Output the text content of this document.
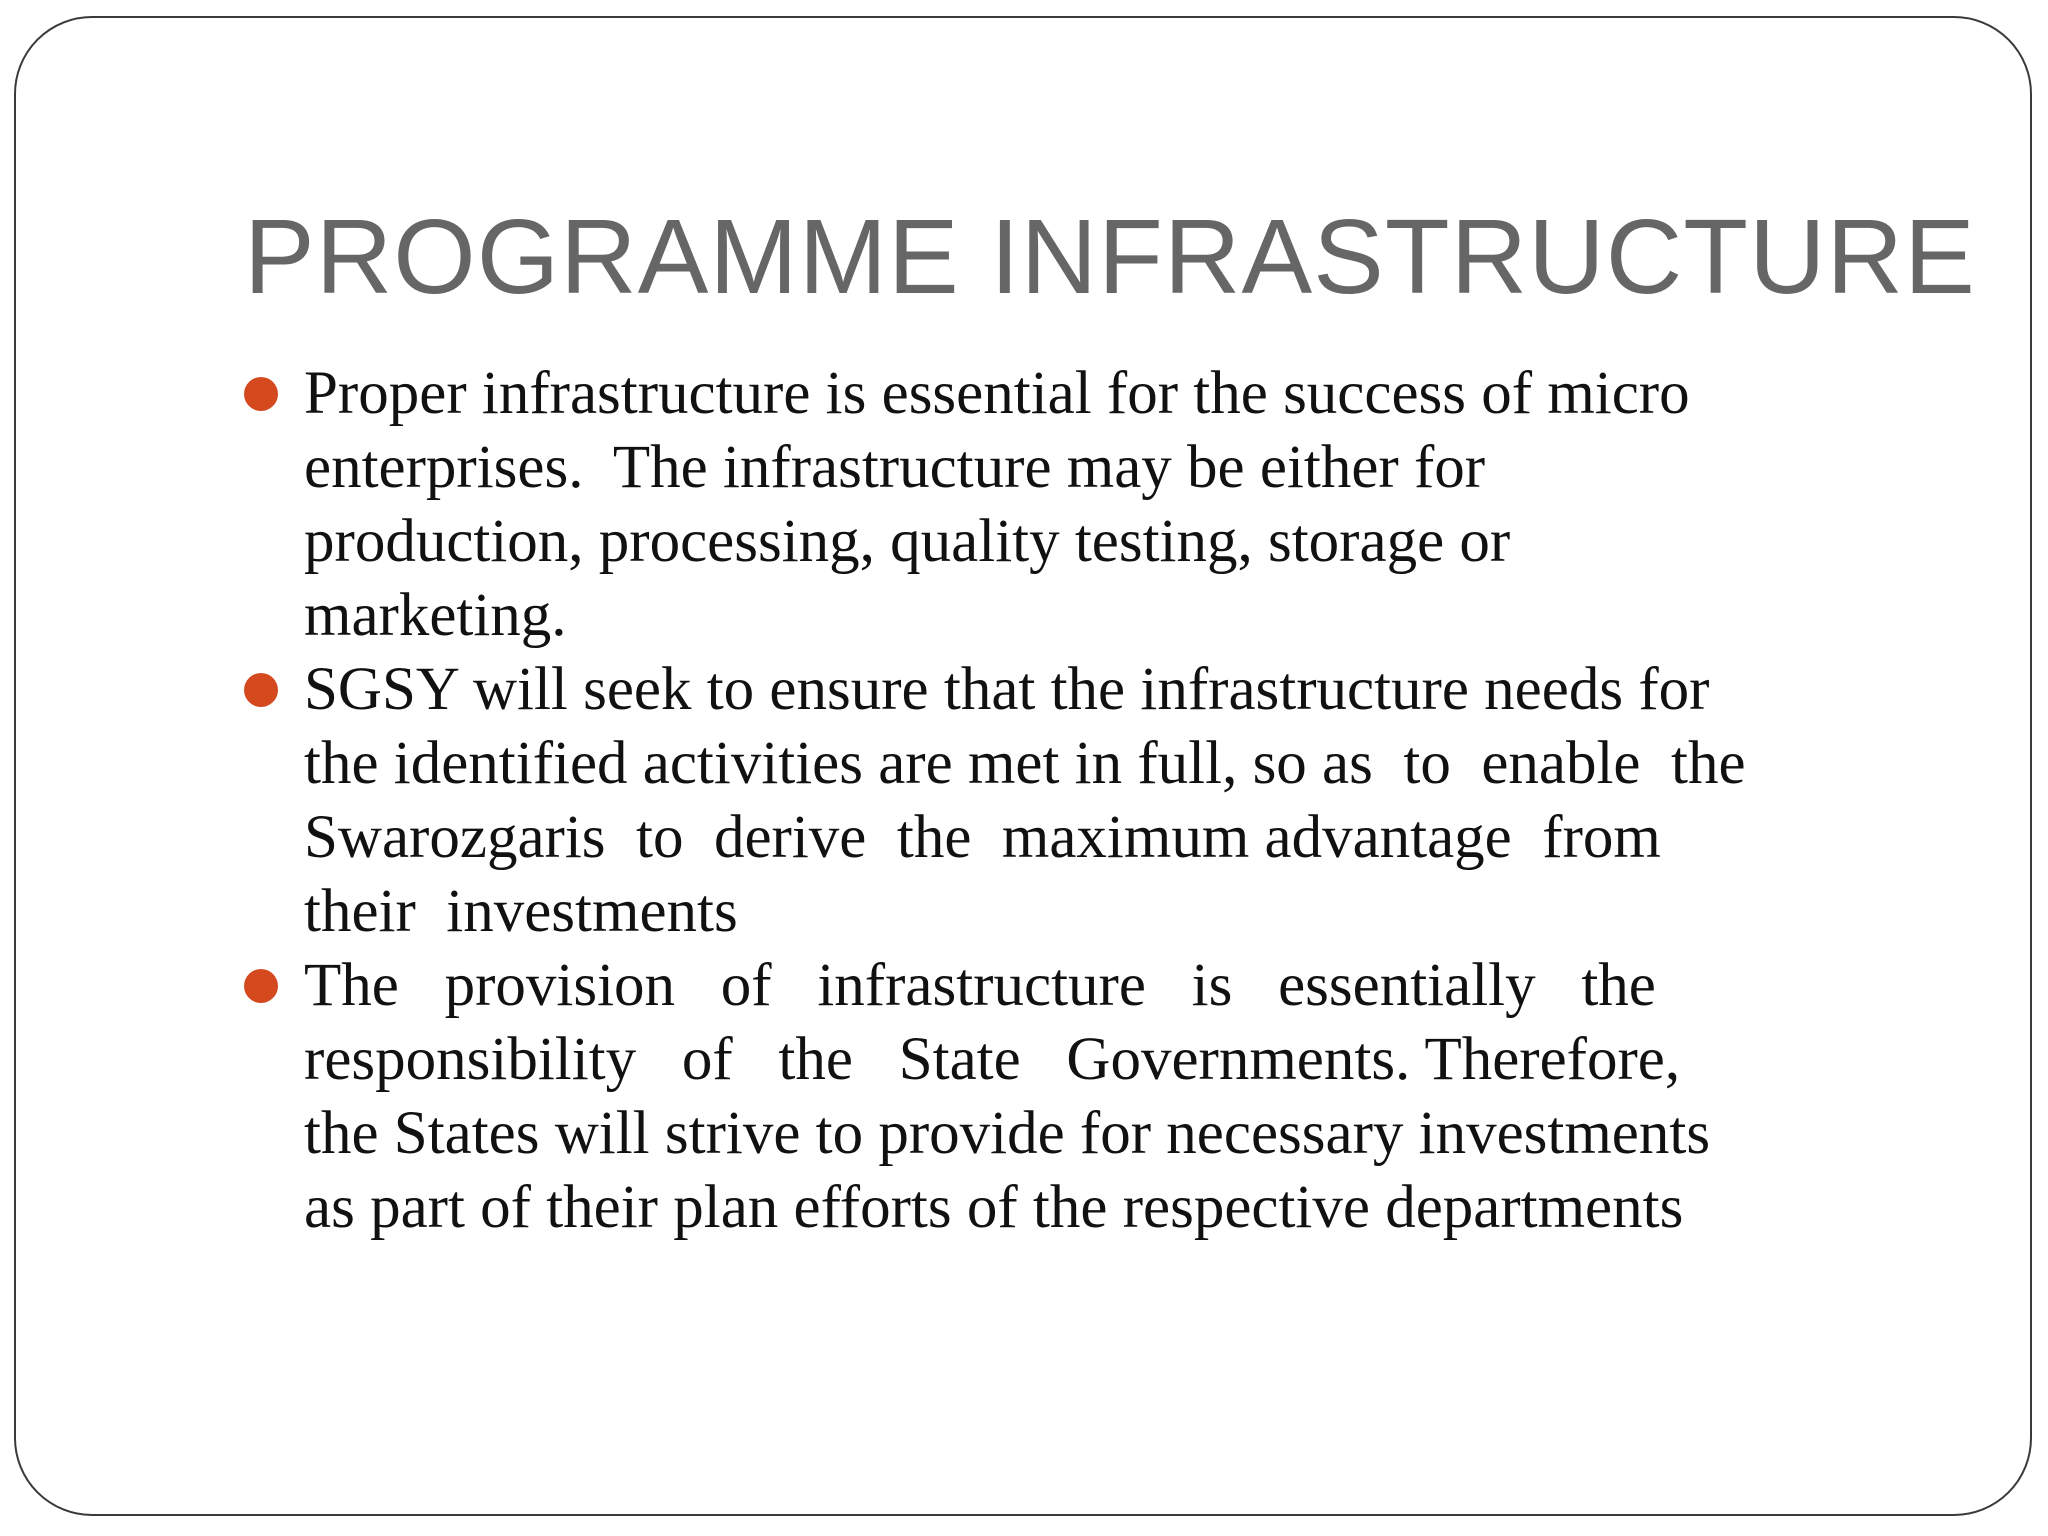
PROGRAMME INFRASTRUCTURE
Proper infrastructure is essential for the success of micro
enterprises.  The infrastructure may be either for
production, processing, quality testing, storage or
marketing.
SGSY will seek to ensure that the infrastructure needs for
the identified activities are met in full, so as  to  enable  the
Swarozgaris  to  derive  the  maximum advantage  from
their  investments
The   provision   of   infrastructure   is   essentially   the
responsibility   of   the   State   Governments. Therefore,
the States will strive to provide for necessary investments
as part of their plan efforts of the respective departments
